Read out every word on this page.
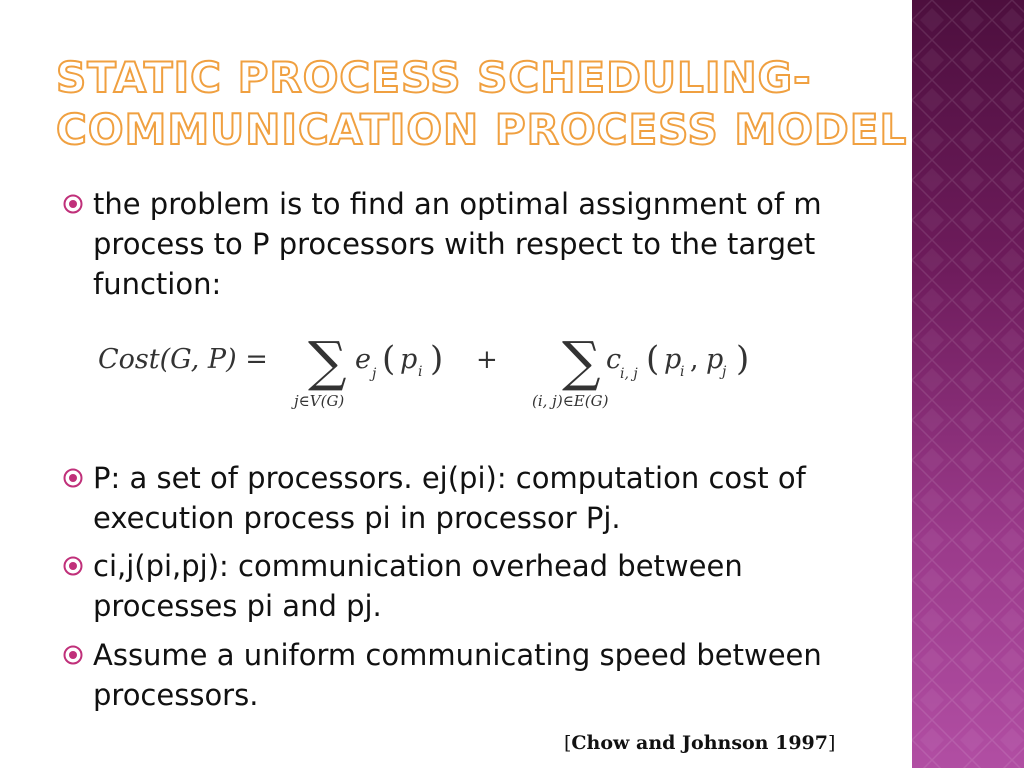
STATIC PROCESS SCHEDULING-
COMMUNICATION PROCESS MODEL
the problem is to find an optimal assignment of m process to P processors with respect to the target function:
Cost(G, P) = ∑
j∈V(G)
e j ( p i ) + ∑
(i, j)∈E(G)
c
i, j ( p
i , p
j )
P: a set of processors. ej(pi): computation cost of execution process pi in processor Pj.
ci,j(pi,pj): communication overhead between processes pi and pj.
Assume a uniform communicating speed between processors.
[Chow and Johnson 1997]
